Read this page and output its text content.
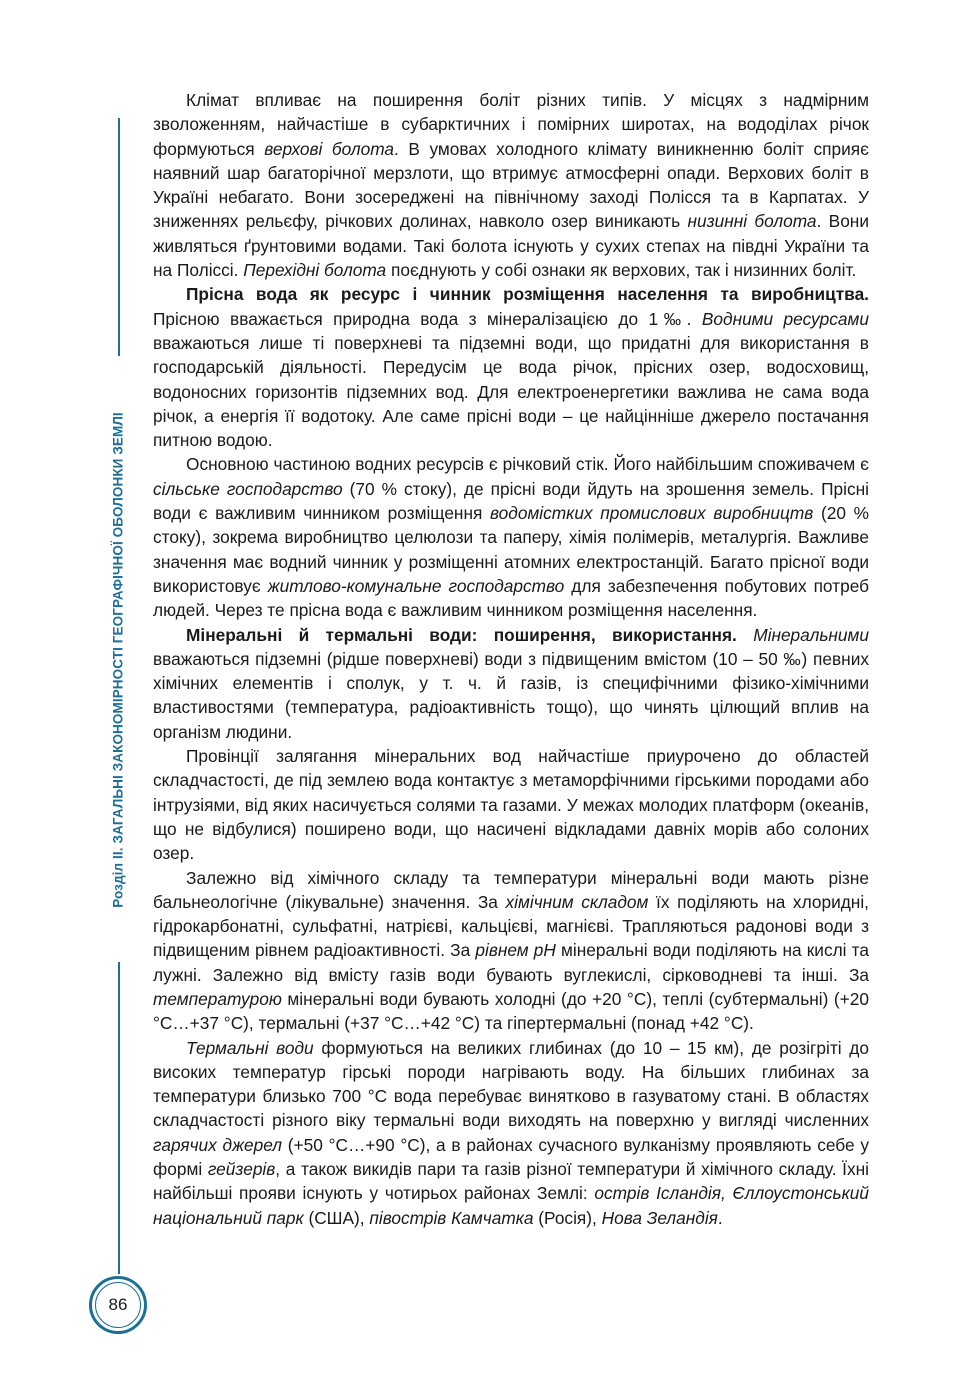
Розділ II. ЗАГАЛЬНІ ЗАКОНОМІРНОСТІ ГЕОГРАФІЧНОЇ ОБОЛОНКИ ЗЕМЛІ
86

Клімат впливає на поширення боліт різних типів. У місцях з надмірним зволоженням, найчастіше в субарктичних і помірних широтах, на вододілах річок формуються верхові болота. В умовах холодного клімату виникненню боліт сприяє наявний шар багаторічної мерзлоти, що втримує атмосферні опади. Верхових боліт в Україні небагато. Вони зосереджені на північному заході Полісся та в Карпатах. У зниженнях рельєфу, річкових долинах, навколо озер виникають низинні болота. Вони живляться ґрунтовими водами. Такі болота існують у сухих степах на півдні України та на Поліссі. Перехідні болота поєднують у собі ознаки як верхових, так і низинних боліт.

Прісна вода як ресурс і чинник розміщення населення та виробництва. Прісною вважається природна вода з мінералізацією до 1‰. Водними ресурсами вважаються лише ті поверхневі та підземні води, що придатні для використання в господарській діяльності. Передусім це вода річок, прісних озер, водосховищ, водоносних горизонтів підземних вод. Для електроенергетики важлива не сама вода річок, а енергія її водотоку. Але саме прісні води – це найцінніше джерело постачання питною водою.

Основною частиною водних ресурсів є річковий стік. Його найбільшим споживачем є сільське господарство (70 % стоку), де прісні води йдуть на зрошення земель. Прісні води є важливим чинником розміщення водомістких промислових виробництв (20 % стоку), зокрема виробництво целюлози та паперу, хімія полімерів, металургія. Важливе значення має водний чинник у розміщенні атомних електростанцій. Багато прісної води використовує житлово-комунальне господарство для забезпечення побутових потреб людей. Через те прісна вода є важливим чинником розміщення населення.

Мінеральні й термальні води: поширення, використання. Мінеральними вважаються підземні (рідше поверхневі) води з підвищеним вмістом (10 – 50 ‰) певних хімічних елементів і сполук, у т. ч. й газів, із специфічними фізико-хімічними властивостями (температура, радіоактивність тощо), що чинять цілющий вплив на організм людини.

Провінції залягання мінеральних вод найчастіше приурочено до областей складчастості, де під землею вода контактує з метаморфічними гірськими породами або інтрузіями, від яких насичується солями та газами. У межах молодих платформ (океанів, що не відбулися) поширено води, що насичені відкладами давніх морів або солоних озер.

Залежно від хімічного складу та температури мінеральні води мають різне бальнеологічне (лікувальне) значення. За хімічним складом їх поділяють на хлоридні, гідрокарбонатні, сульфатні, натрієві, кальцієві, магнієві. Трапляються радонові води з підвищеним рівнем радіоактивності. За рівнем рН мінеральні води поділяють на кислі та лужні. Залежно від вмісту газів води бувають вуглекислі, сірководневі та інші. За температурою мінеральні води бувають холодні (до +20 °С), теплі (субтермальні) (+20 °С…+37 °С), термальні (+37 °С…+42 °С) та гіпертермальні (понад +42 °С).

Термальні води формуються на великих глибинах (до 10 – 15 км), де розігріті до високих температур гірські породи нагрівають воду. На більших глибинах за температури близько 700 °С вода перебуває винятково в газуватому стані. В областях складчастості різного віку термальні води виходять на поверхню у вигляді численних гарячих джерел (+50 °С…+90 °С), а в районах сучасного вулканізму проявляють себе у формі гейзерів, а також викидів пари та газів різної температури й хімічного складу. Їхні найбільші прояви існують у чотирьох районах Землі: острів Ісландія, Єллоустонський національний парк (США), півострів Камчатка (Росія), Нова Зеландія.
